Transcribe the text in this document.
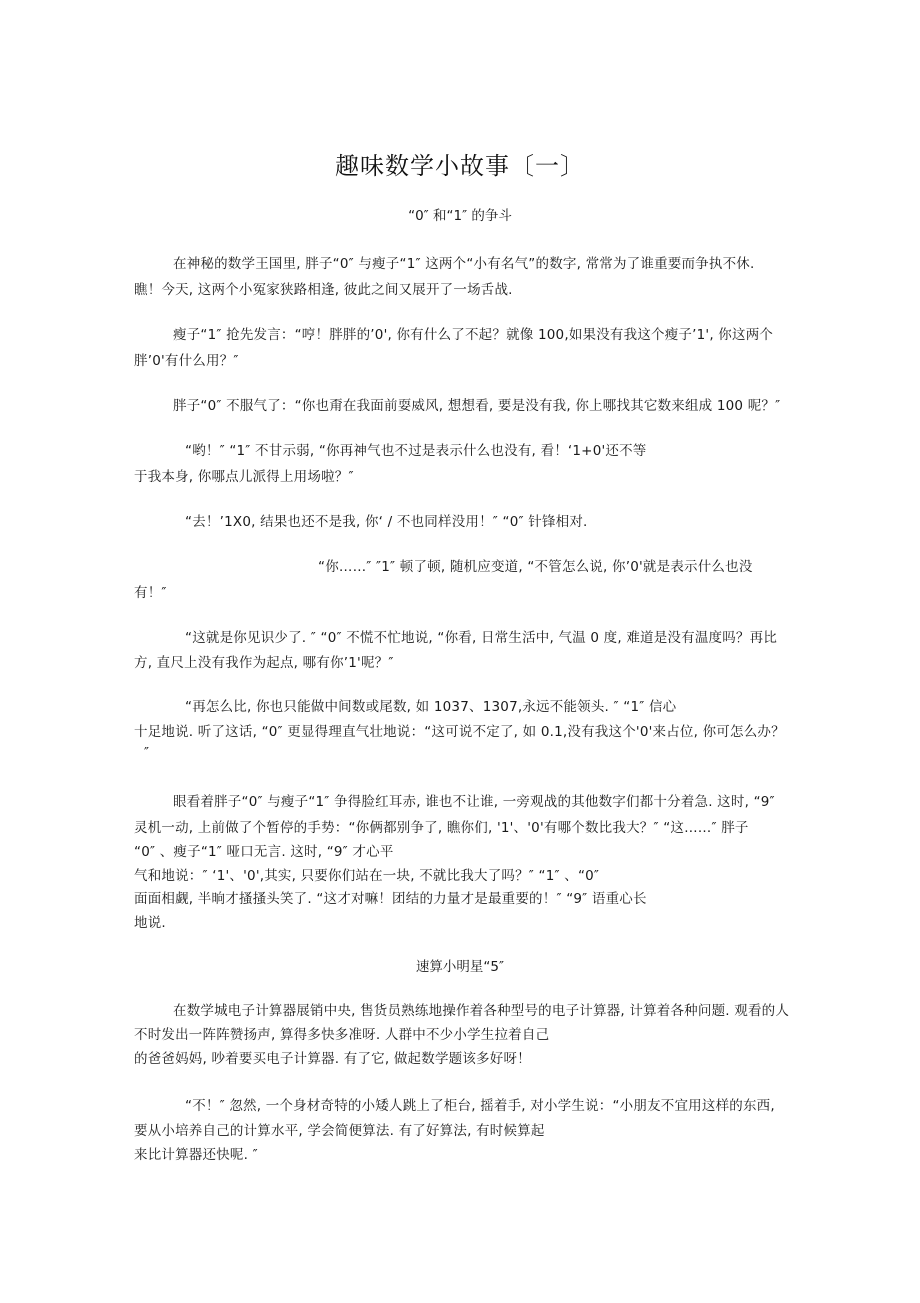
趣味数学小故事〔一〕
“0″ 和“1″ 的争斗
在神秘的数学王国里, 胖子“0″ 与瘦子“1″ 这两个“小有名气”的数字, 常常为了谁重要而争执不休.
瞧！今天, 这两个小冤家狭路相逢, 彼此之间又展开了一场舌战.
瘦子“1″ 抢先发言：“哼！胖胖的’0', 你有什么了不起？就像 100,如果没有我这个瘦子’1', 你这两个
胖’0'有什么用？″
胖子“0″ 不服气了：“你也甭在我面前耍威风, 想想看, 要是没有我, 你上哪找其它数来组成 100 呢？″
“哟！″ “1″ 不甘示弱, “你再神气也不过是表示什么也没有, 看！‘1+0'还不等
于我本身, 你哪点儿派得上用场啦？″
“去！’1X0, 结果也还不是我, 你‘ / 不也同样没用！″ “0″ 针锋相对.
“你……″ ″1″ 顿了顿, 随机应变道, “不管怎么说, 你’0'就是表示什么也没
有！″
“这就是你见识少了. ″ “0″ 不慌不忙地说, “你看, 日常生活中, 气温 0 度, 难道是没有温度吗？再比
方, 直尺上没有我作为起点, 哪有你’1'呢？″
“再怎么比, 你也只能做中间数或尾数, 如 1037、1307,永远不能领头. ″ “1″ 信心
十足地说. 听了这话, “0″ 更显得理直气壮地说：“这可说不定了, 如 0.1,没有我这个'0'来占位, 你可怎么办？
″
眼看着胖子“0″ 与瘦子“1″ 争得脸红耳赤, 谁也不让谁, 一旁观战的其他数字们都十分着急. 这时, “9″
灵机一动, 上前做了个暂停的手势：“你俩都别争了, 瞧你们, '1'、'0'有哪个数比我大？″ “这……″ 胖子
“0″ 、瘦子“1″ 哑口无言. 这时, “9″ 才心平
气和地说：″ ‘1'、'0',其实, 只要你们站在一块, 不就比我大了吗？″ “1″ 、“0″
面面相觑, 半晌才搔搔头笑了. “这才对嘛！团结的力量才是最重要的！″ “9″ 语重心长
地说.
速算小明星“5″
在数学城电子计算器展销中央, 售货员熟练地操作着各种型号的电子计算器, 计算着各种问题. 观看的人
不时发出一阵阵赞扬声, 算得多快多准呀. 人群中不少小学生拉着自己
的爸爸妈妈, 吵着要买电子计算器. 有了它, 做起数学题该多好呀！
“不！″ 忽然, 一个身材奇特的小矮人跳上了柜台, 摇着手, 对小学生说：“小朋友不宜用这样的东西,
要从小培养自己的计算水平, 学会简便算法. 有了好算法, 有时候算起
来比计算器还快呢. ″
